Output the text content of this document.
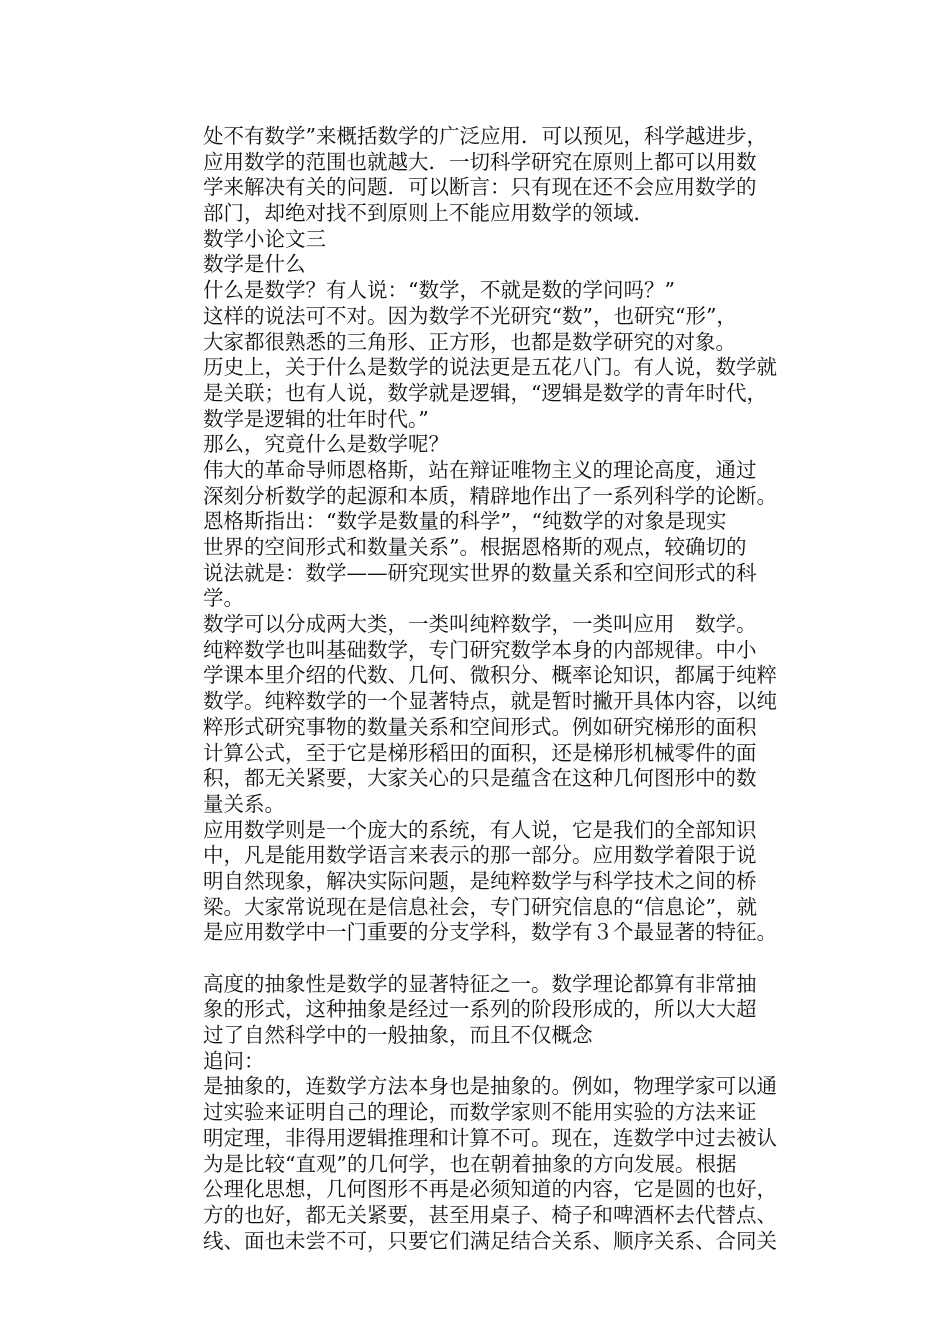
处不有数学”来概括数学的广泛应用．可以预见，科学越进步，
应用数学的范围也就越大．一切科学研究在原则上都可以用数
学来解决有关的问题．可以断言：只有现在还不会应用数学的
部门，却绝对找不到原则上不能应用数学的领域．
数学小论文三
数学是什么
什么是数学？有人说：“数学，不就是数的学问吗？”
这样的说法可不对。因为数学不光研究“数”，也研究“形”，
大家都很熟悉的三角形、正方形，也都是数学研究的对象。
历史上，关于什么是数学的说法更是五花八门。有人说，数学就
是关联；也有人说，数学就是逻辑，“逻辑是数学的青年时代，
数学是逻辑的壮年时代。”
那么，究竟什么是数学呢？
伟大的革命导师恩格斯，站在辩证唯物主义的理论高度，通过
深刻分析数学的起源和本质，精辟地作出了一系列科学的论断。
恩格斯指出：“数学是数量的科学”，“纯数学的对象是现实
世界的空间形式和数量关系”。根据恩格斯的观点，较确切的
说法就是：数学——研究现实世界的数量关系和空间形式的科
学。
数学可以分成两大类，一类叫纯粹数学，一类叫应用　数学。
纯粹数学也叫基础数学，专门研究数学本身的内部规律。中小
学课本里介绍的代数、几何、微积分、概率论知识，都属于纯粹
数学。纯粹数学的一个显著特点，就是暂时撇开具体内容，以纯
粹形式研究事物的数量关系和空间形式。例如研究梯形的面积
计算公式，至于它是梯形稻田的面积，还是梯形机械零件的面
积，都无关紧要，大家关心的只是蕴含在这种几何图形中的数
量关系。
应用数学则是一个庞大的系统，有人说，它是我们的全部知识
中，凡是能用数学语言来表示的那一部分。应用数学着限于说
明自然现象，解决实际问题，是纯粹数学与科学技术之间的桥
梁。大家常说现在是信息社会，专门研究信息的“信息论”，就
是应用数学中一门重要的分支学科，数学有３个最显著的特征。
高度的抽象性是数学的显著特征之一。数学理论都算有非常抽
象的形式，这种抽象是经过一系列的阶段形成的，所以大大超
过了自然科学中的一般抽象，而且不仅概念
追问：
是抽象的，连数学方法本身也是抽象的。例如，物理学家可以通
过实验来证明自己的理论，而数学家则不能用实验的方法来证
明定理，非得用逻辑推理和计算不可。现在，连数学中过去被认
为是比较“直观”的几何学，也在朝着抽象的方向发展。根据
公理化思想，几何图形不再是必须知道的内容，它是圆的也好，
方的也好，都无关紧要，甚至用桌子、椅子和啤酒杯去代替点、
线、面也未尝不可，只要它们满足结合关系、顺序关系、合同关
